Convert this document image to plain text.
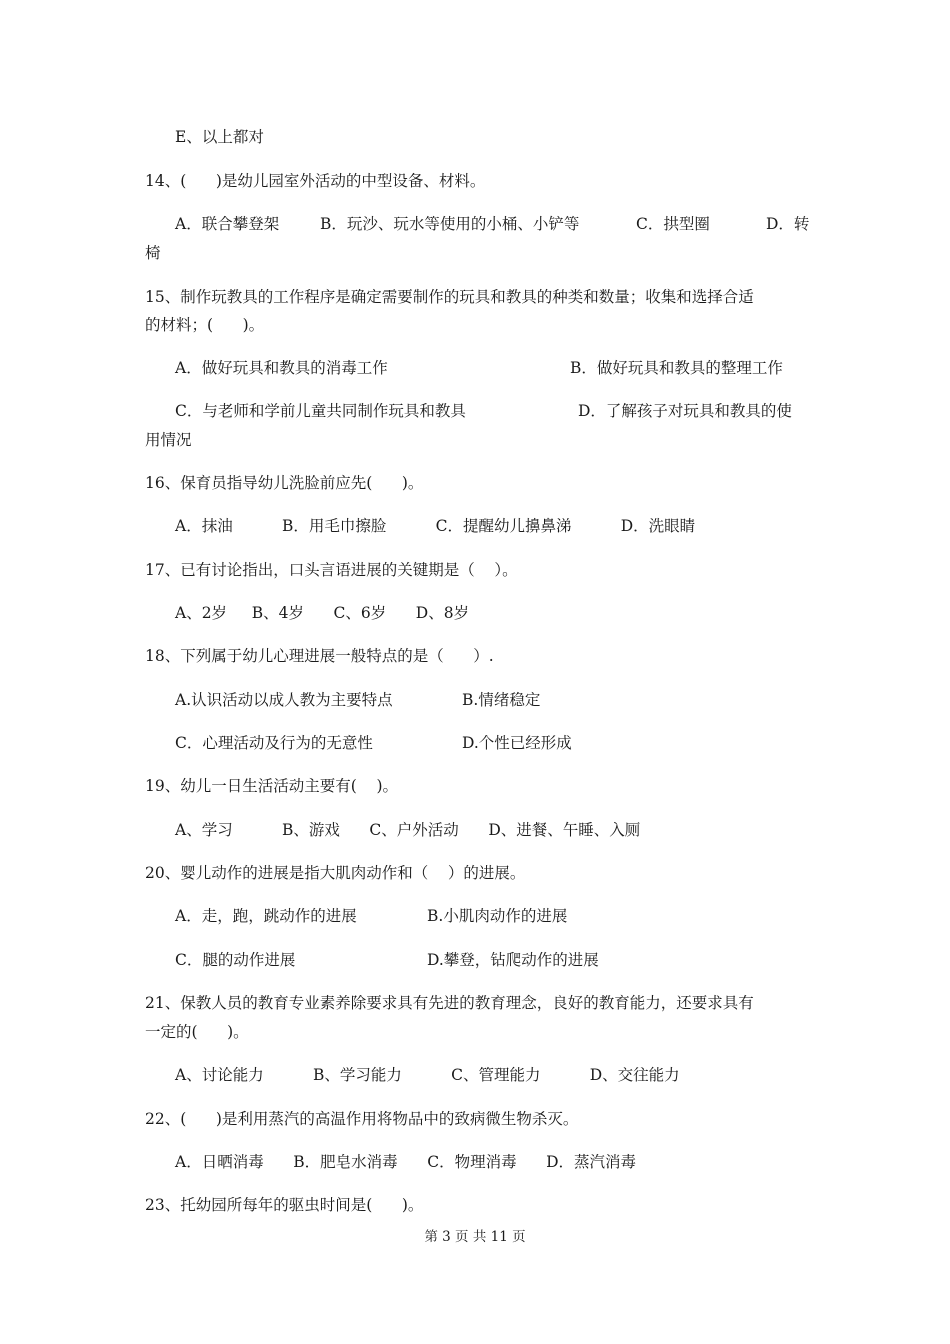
E、以上都对
14、(      )是幼儿园室外活动的中型设备、材料。
A．联合攀登架	B．玩沙、玩水等使用的小桶、小铲等	C．拱型圈	D．转
椅
15、制作玩教具的工作程序是确定需要制作的玩具和教具的种类和数量；收集和选择合适
的材料；(      )。
A．做好玩具和教具的消毒工作	B．做好玩具和教具的整理工作
C．与老师和学前儿童共同制作玩具和教具	D．了解孩子对玩具和教具的使
用情况
16、保育员指导幼儿洗脸前应先(      )。
A．抹油          B．用毛巾擦脸          C．提醒幼儿擤鼻涕          D．洗眼睛
17、已有讨论指出，口头言语进展的关键期是（    ）。
A、2岁     B、4岁      C、6岁      D、8岁
18、下列属于幼儿心理进展一般特点的是（      ）.
A.认识活动以成人教为主要特点	B.情绪稳定
C．心理活动及行为的无意性	D.个性已经形成
19、幼儿一日生活活动主要有(    )。
A、学习          B、游戏      C、户外活动      D、进餐、午睡、入厕
20、婴儿动作的进展是指大肌肉动作和（    ）的进展。
A．走，跑，跳动作的进展	B.小肌肉动作的进展
C．腿的动作进展	D.攀登，钻爬动作的进展
21、保教人员的教育专业素养除要求具有先进的教育理念，良好的教育能力，还要求具有
一定的(      )。
A、讨论能力          B、学习能力          C、管理能力          D、交往能力
22、(      )是利用蒸汽的高温作用将物品中的致病微生物杀灭。
A．日晒消毒      B．肥皂水消毒      C．物理消毒      D．蒸汽消毒
23、托幼园所每年的驱虫时间是(      )。
第 3 页 共 11 页
